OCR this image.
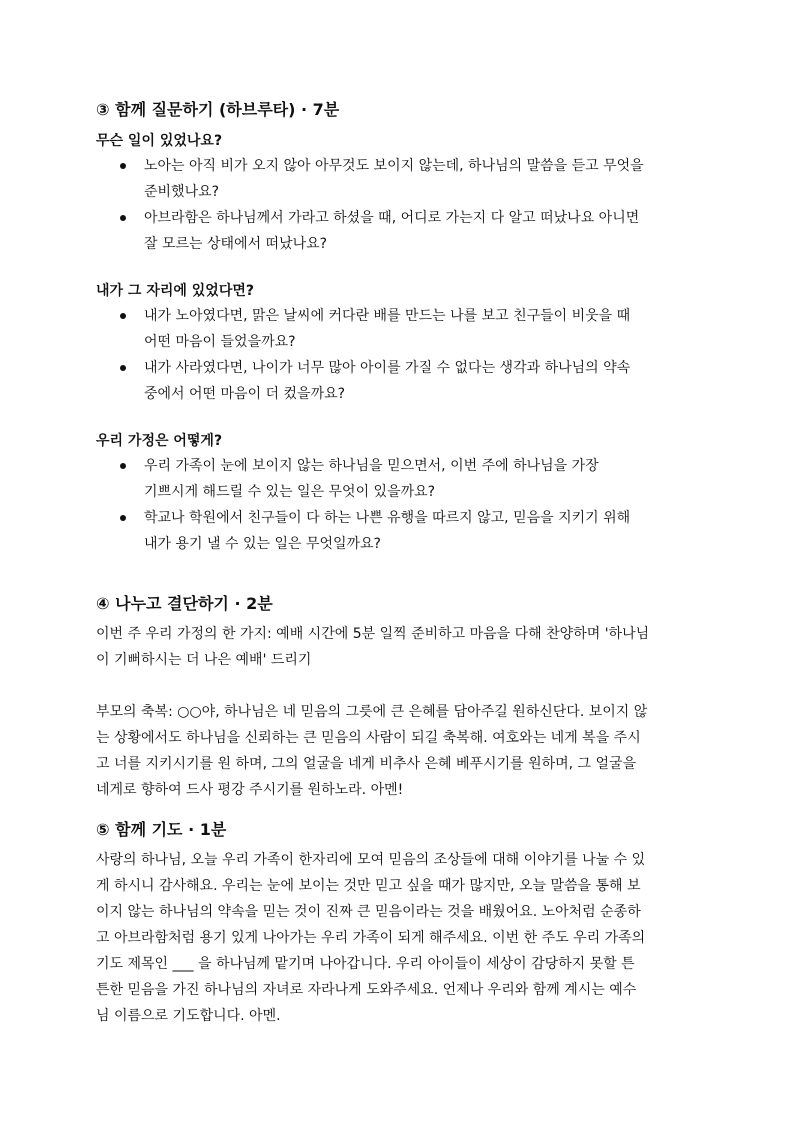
③ 함께 질문하기 (하브루타) · 7분
무슨 일이 있었나요?
노아는 아직 비가 오지 않아 아무것도 보이지 않는데, 하나님의 말씀을 듣고 무엇을
준비했나요?
아브라함은 하나님께서 가라고 하셨을 때, 어디로 가는지 다 알고 떠났나요 아니면
잘 모르는 상태에서 떠났나요?
내가 그 자리에 있었다면?
내가 노아였다면, 맑은 날씨에 커다란 배를 만드는 나를 보고 친구들이 비웃을 때
어떤 마음이 들었을까요?
내가 사라였다면, 나이가 너무 많아 아이를 가질 수 없다는 생각과 하나님의 약속
중에서 어떤 마음이 더 컸을까요?
우리 가정은 어떻게?
우리 가족이 눈에 보이지 않는 하나님을 믿으면서, 이번 주에 하나님을 가장
기쁘시게 해드릴 수 있는 일은 무엇이 있을까요?
학교나 학원에서 친구들이 다 하는 나쁜 유행을 따르지 않고, 믿음을 지키기 위해
내가 용기 낼 수 있는 일은 무엇일까요?
④ 나누고 결단하기 · 2분

이번 주 우리 가정의 한 가지: 예배 시간에 5분 일찍 준비하고 마음을 다해 찬양하며 '하나님
이 기뻐하시는 더 나은 예배' 드리기

부모의 축복: ○○야, 하나님은 네 믿음의 그릇에 큰 은혜를 담아주길 원하신단다. 보이지 않
는 상황에서도 하나님을 신뢰하는 큰 믿음의 사람이 되길 축복해. 여호와는 네게 복을 주시
고 너를 지키시기를 원 하며, 그의 얼굴을 네게 비추사 은혜 베푸시기를 원하며, 그 얼굴을
네게로 향하여 드사 평강 주시기를 원하노라. 아멘!

⑤ 함께 기도 · 1분

사랑의 하나님, 오늘 우리 가족이 한자리에 모여 믿음의 조상들에 대해 이야기를 나눌 수 있
게 하시니 감사해요. 우리는 눈에 보이는 것만 믿고 싶을 때가 많지만, 오늘 말씀을 통해 보
이지 않는 하나님의 약속을 믿는 것이 진짜 큰 믿음이라는 것을 배웠어요. 노아처럼 순종하
고 아브라함처럼 용기 있게 나아가는 우리 가족이 되게 해주세요. 이번 한 주도 우리 가족의
기도 제목인 ___ 을 하나님께 맡기며 나아갑니다. 우리 아이들이 세상이 감당하지 못할 튼
튼한 믿음을 가진 하나님의 자녀로 자라나게 도와주세요. 언제나 우리와 함께 계시는 예수
님 이름으로 기도합니다. 아멘.
